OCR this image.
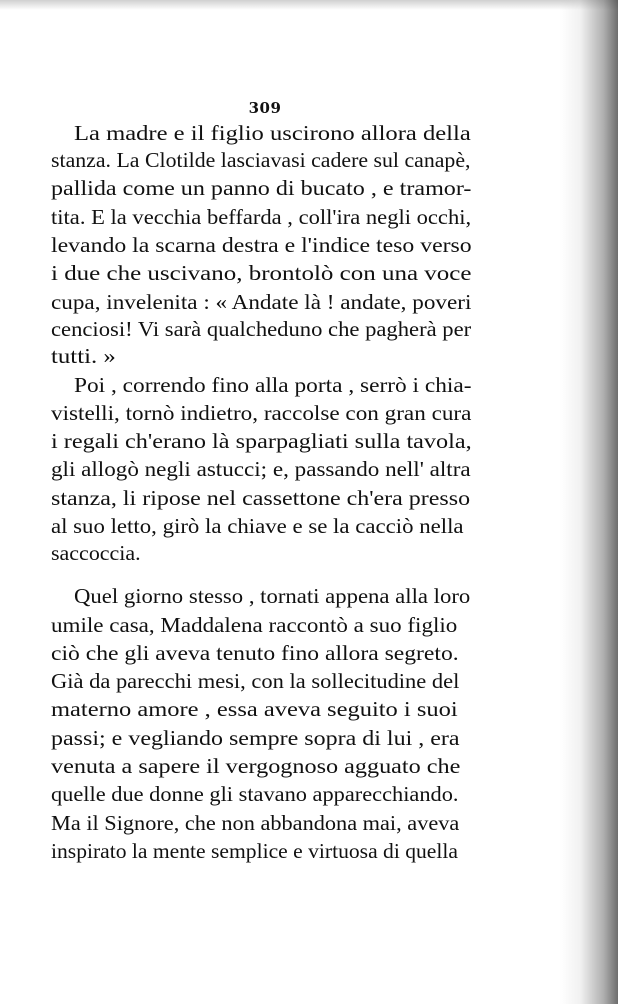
309
La madre e il figlio uscirono allora della
stanza. La Clotilde lasciavasi cadere sul canapè,
pallida come un panno di bucato , e tramor-
tita. E la vecchia beffarda , coll'ira negli occhi,
levando la scarna destra e l'indice teso verso
i due che uscivano, brontolò con una voce
cupa, invelenita : « Andate là ! andate, poveri
cenciosi! Vi sarà qualcheduno che pagherà per
tutti. »
Poi , correndo fino alla porta , serrò i chia-
vistelli, tornò indietro, raccolse con gran cura
i regali ch'erano là sparpagliati sulla tavola,
gli allogò negli astucci; e, passando nell' altra
stanza, li ripose nel cassettone ch'era presso
al suo letto, girò la chiave e se la cacciò nella
saccoccia.
Quel giorno stesso , tornati appena alla loro
umile casa, Maddalena raccontò a suo figlio
ciò che gli aveva tenuto fino allora segreto.
Già da parecchi mesi, con la sollecitudine del
materno amore , essa aveva seguito i suoi
passi; e vegliando sempre sopra di lui , era
venuta a sapere il vergognoso agguato che
quelle due donne gli stavano apparecchiando.
Ma il Signore, che non abbandona mai, aveva
inspirato la mente semplice e virtuosa di quella
